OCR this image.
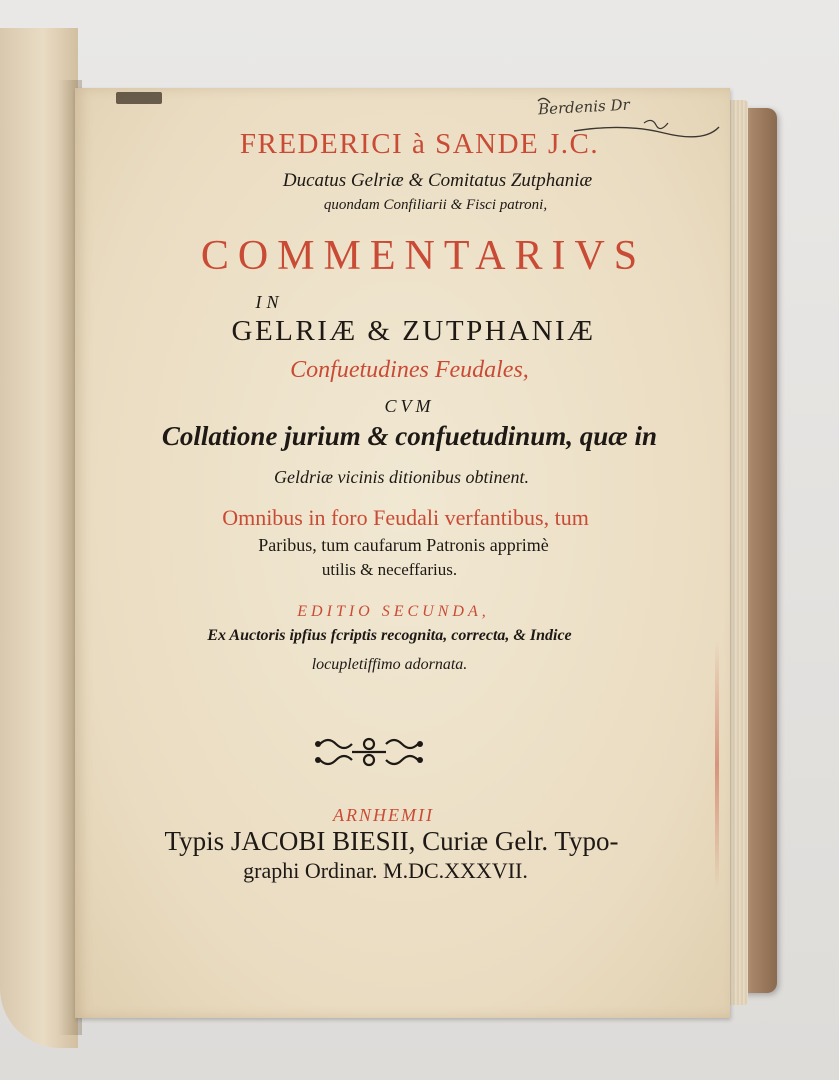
Berdenis Dr
FREDERICI à SANDE J.C.
Ducatus Gelriæ & Comitatus Zutphaniæ
quondam Confiliarii & Fisci patroni,
COMMENTARIVS
IN
GELRIÆ & ZUTPHANIÆ
Confuetudines Feudales,
CVM
Collatione jurium & confuetudinum, quæ in
Geldriæ vicinis ditionibus obtinent.
Omnibus in foro Feudali verfantibus, tum
Paribus, tum caufarum Patronis apprimè
utilis & neceffarius.
EDITIO SECUNDA,
Ex Auctoris ipfius fcriptis recognita, correcta, & Indice
locupletiffimo adornata.
ARNHEMII
Typis JACOBI BIESII, Curiæ Gelr. Typo-
graphi Ordinar. M.DC.XXXVII.
